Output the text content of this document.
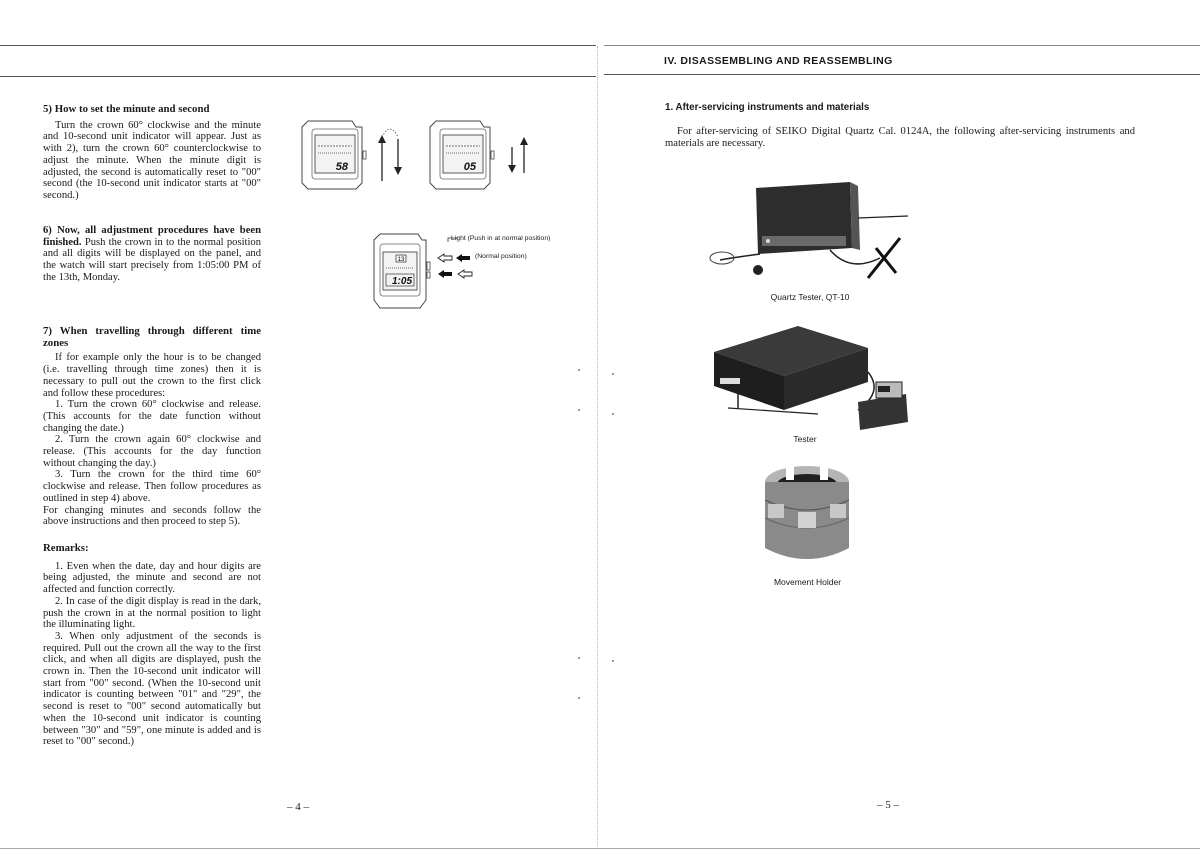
5) How to set the minute and second

Turn the crown 60° clockwise and the minute and 10-second unit indicator will appear. Just as with 2), turn the crown 60° counterclockwise to adjust the minute. When the minute digit is adjusted, the second is automatically reset to "00" second (the 10-second unit indicator starts at "00" second.)

6) Now, all adjustment procedures have been finished. Push the crown in to the normal position and all digits will be displayed on the panel, and the watch will start precisely from 1:05:00 PM of the 13th, Monday.

7) When travelling through different time zones

If for example only the hour is to be changed (i.e. travelling through time zones) then it is necessary to pull out the crown to the first click and follow these procedures:

1. Turn the crown 60° clockwise and release. (This accounts for the date function without changing the date.)

2. Turn the crown again 60° clockwise and release. (This accounts for the day function without changing the day.)

3. Turn the crown for the third time 60° clockwise and release. Then follow procedures as outlined in step 4) above.

For changing minutes and seconds follow the above instructions and then proceed to step 5).

Remarks:

1. Even when the date, day and hour digits are being adjusted, the minute and second are not affected and function correctly.

2. In case of the digit display is read in the dark, push the crown in at the normal position to light the illuminating light.

3. When only adjustment of the seconds is required. Pull out the crown all the way to the first click, and when all digits are displayed, push the crown in. Then the 10-second unit indicator will start from "00" second. (When the 10-second unit indicator is counting between "01" and "29", the second is reset to "00" second automatically but when the 10-second unit indicator is counting between "30" and "59", one minute is added and is reset to "00" second.)

58	05
13
1:05
Light (Push in at normal position)
(Normal position)
– 4 –
IV. DISASSEMBLING AND REASSEMBLING
1. After-servicing instruments and materials
For after-servicing of SEIKO Digital Quartz Cal. 0124A, the following after-servicing instruments and materials are necessary.
Quartz Tester, QT-10
Tester
Movement Holder
– 5 –
